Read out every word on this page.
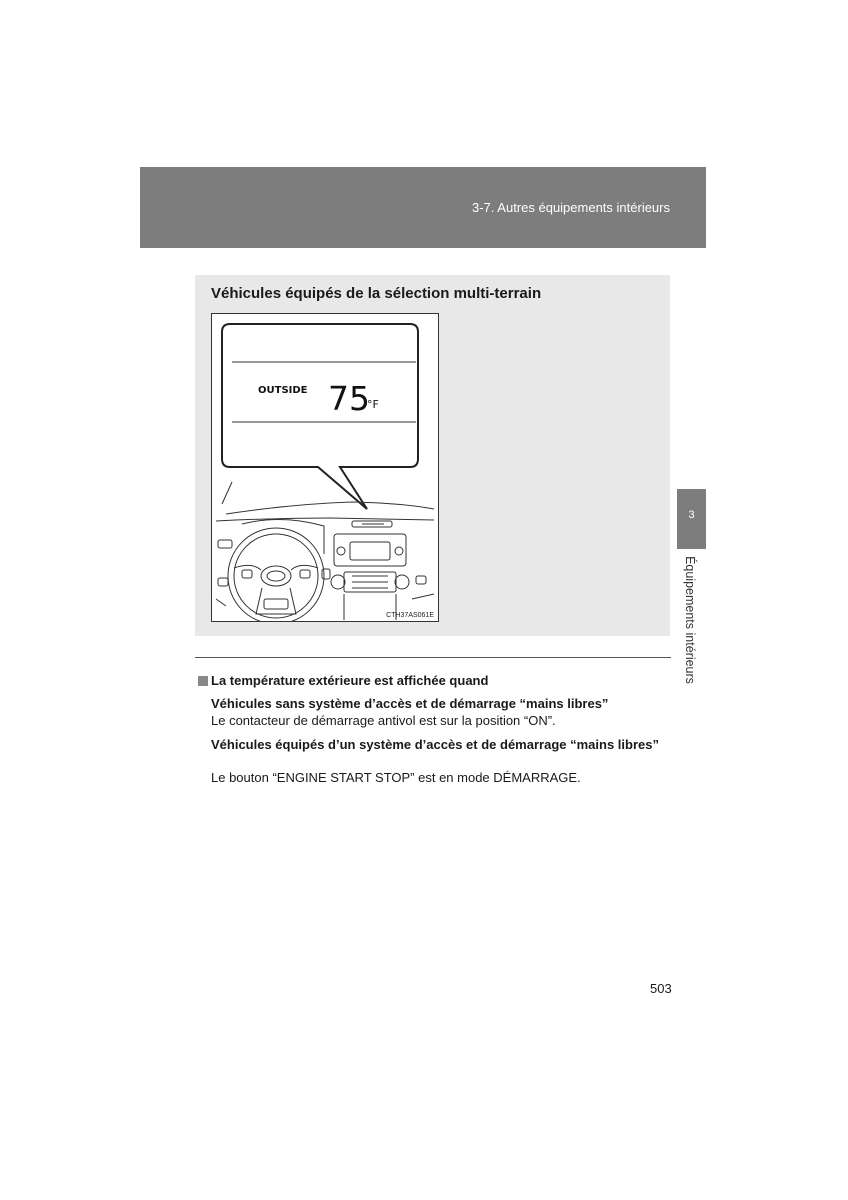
3-7. Autres équipements intérieurs
3
Équipements intérieurs
Véhicules équipés de la sélection multi-terrain
OUTSIDE 75
°F
CTH37AS061E
La température extérieure est affichée quand
Véhicules sans système d’accès et de démarrage “mains libres”
Le contacteur de démarrage antivol est sur la position “ON”.
Véhicules équipés d’un système d’accès et de démarrage “mains libres”
Le bouton “ENGINE START STOP” est en mode DÉMARRAGE.
503
